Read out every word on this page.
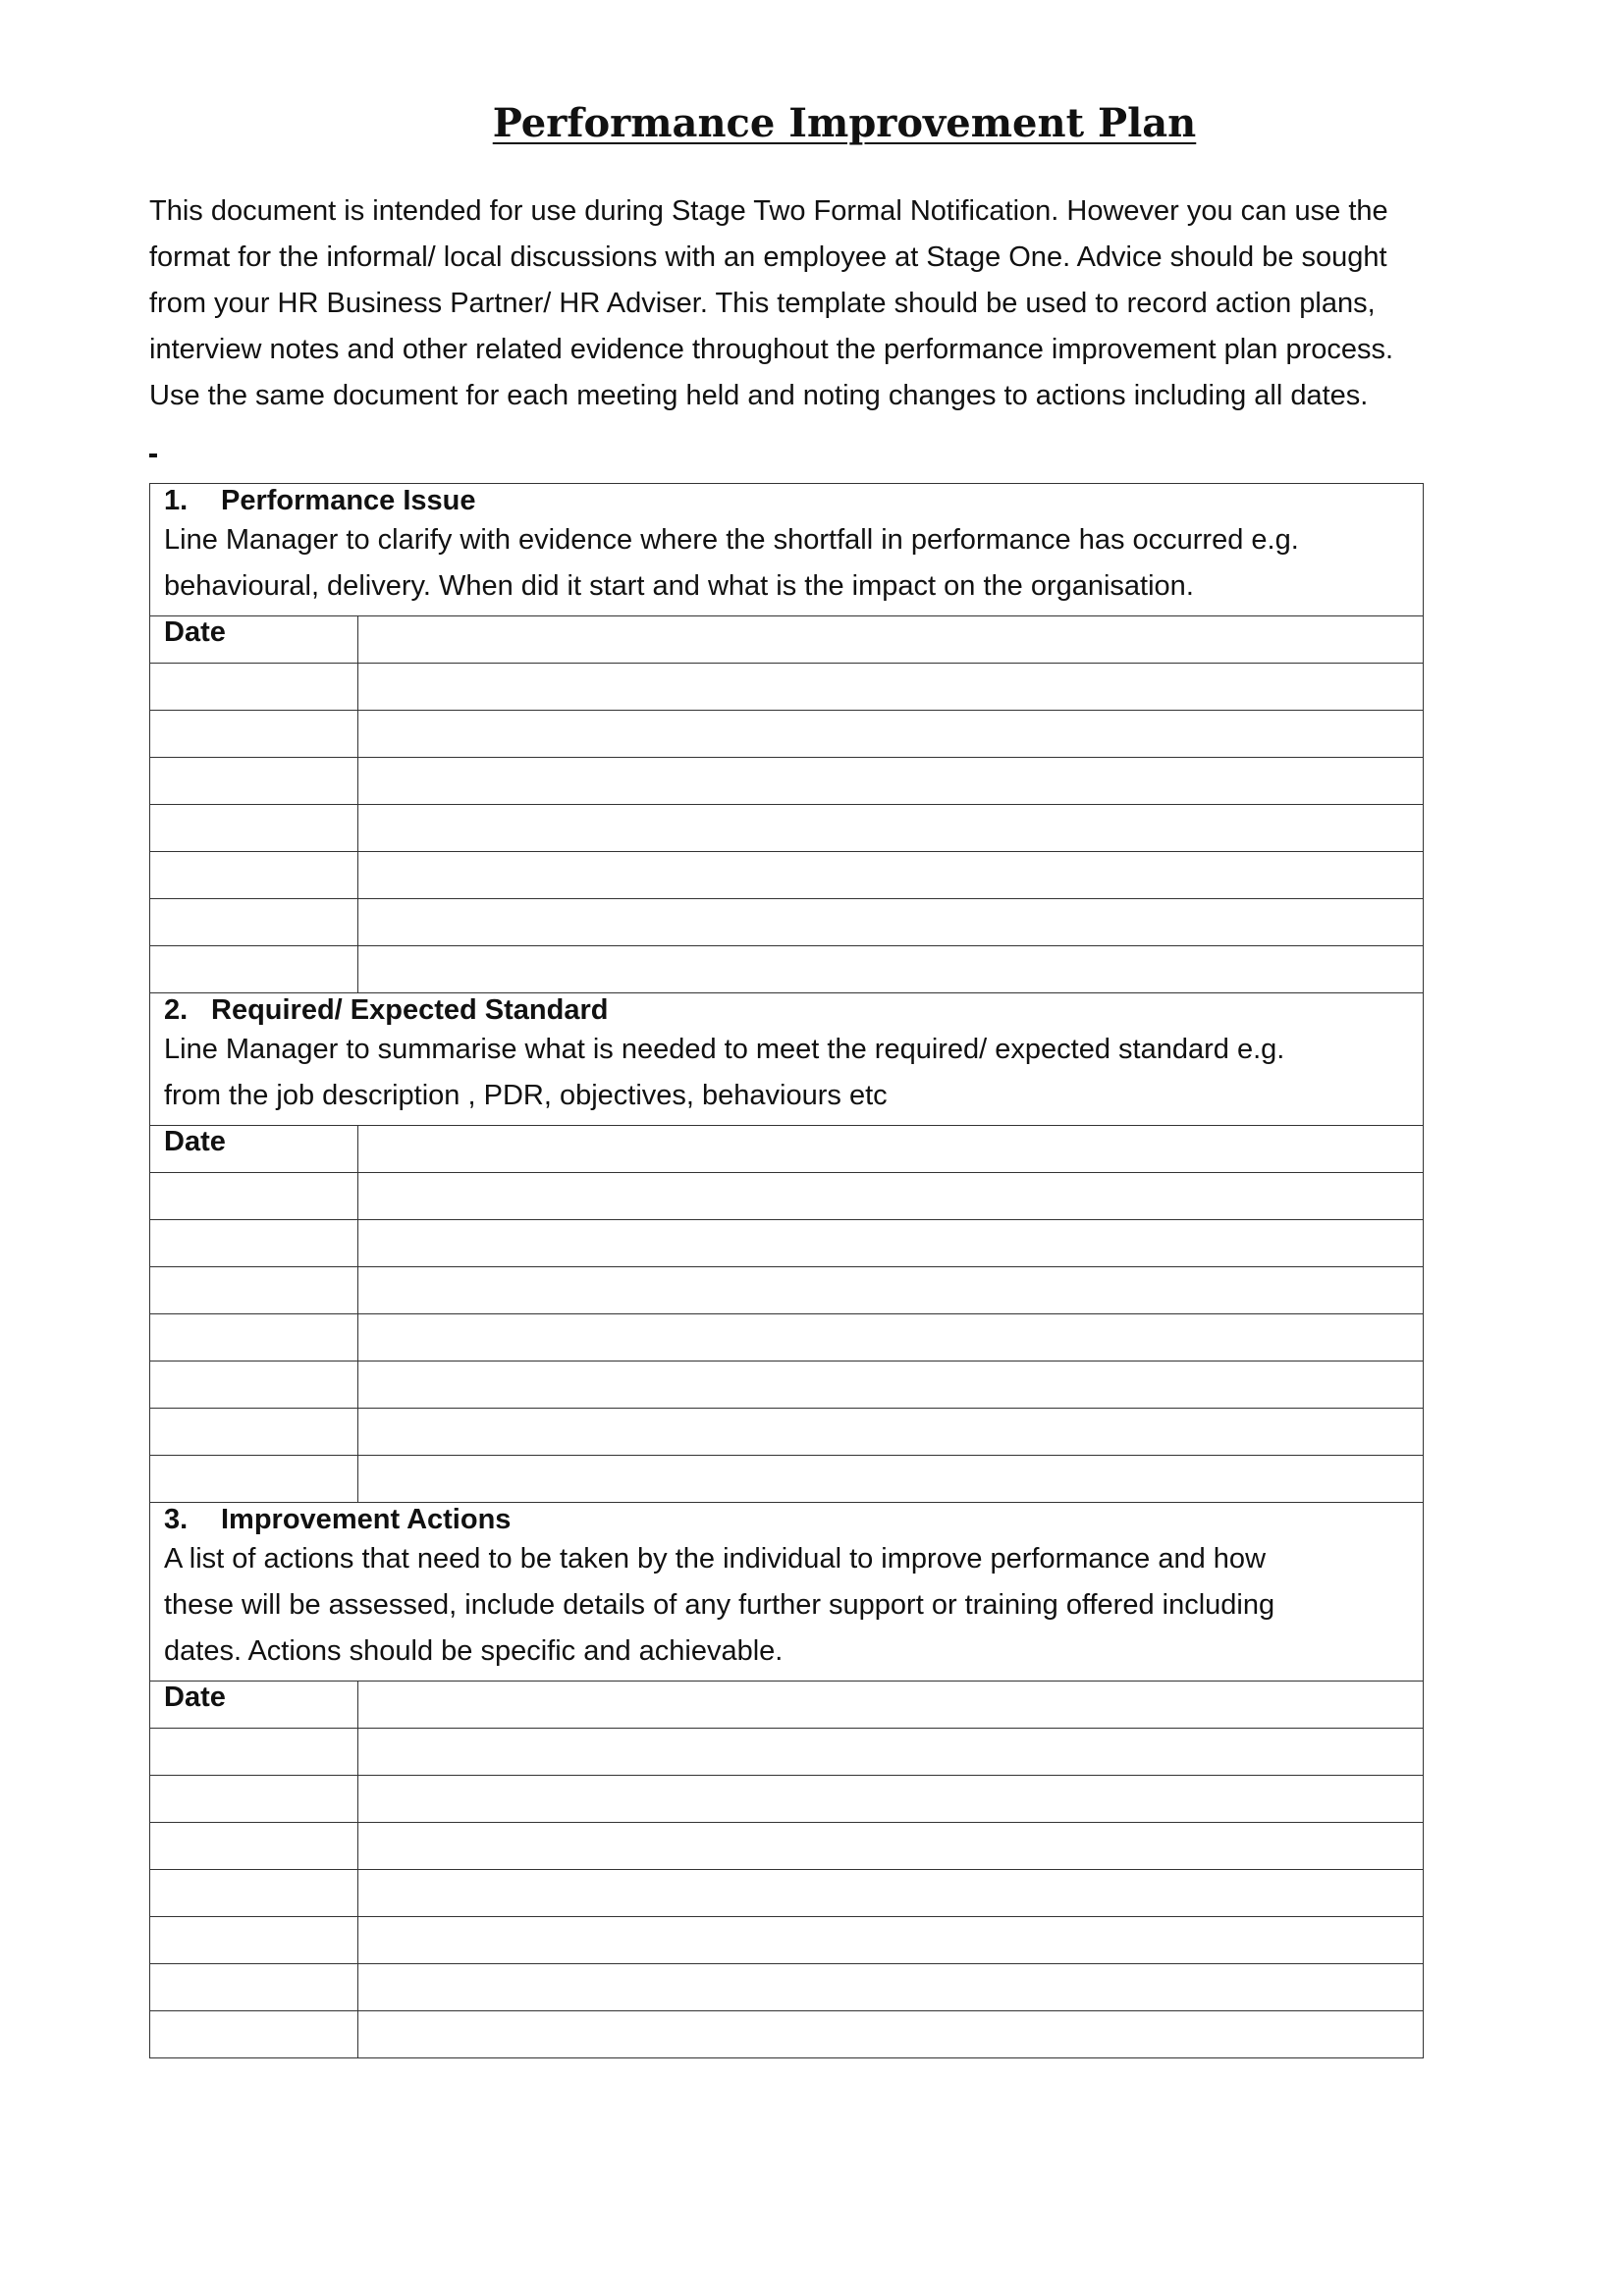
Performance Improvement Plan

This document is intended for use during Stage Two Formal Notification. However you can use the
format for the informal/ local discussions with an employee at Stage One. Advice should be sought
from your HR Business Partner/ HR Adviser. This template should be used to record action plans,
interview notes and other related evidence throughout the performance improvement plan process.
Use the same document for each meeting held and noting changes to actions including all dates.

1. Performance Issue
Line Manager to clarify with evidence where the shortfall in performance has occurred e.g.
behavioural, delivery. When did it start and what is the impact on the organisation.	

Date	

2. Required/ Expected Standard
Line Manager to summarise what is needed to meet the required/ expected standard e.g.
from the job description , PDR, objectives, behaviours etc	

Date	

3. Improvement Actions
A list of actions that need to be taken by the individual to improve performance and how
these will be assessed, include details of any further support or training offered including
dates. Actions should be specific and achievable.	

Date	
